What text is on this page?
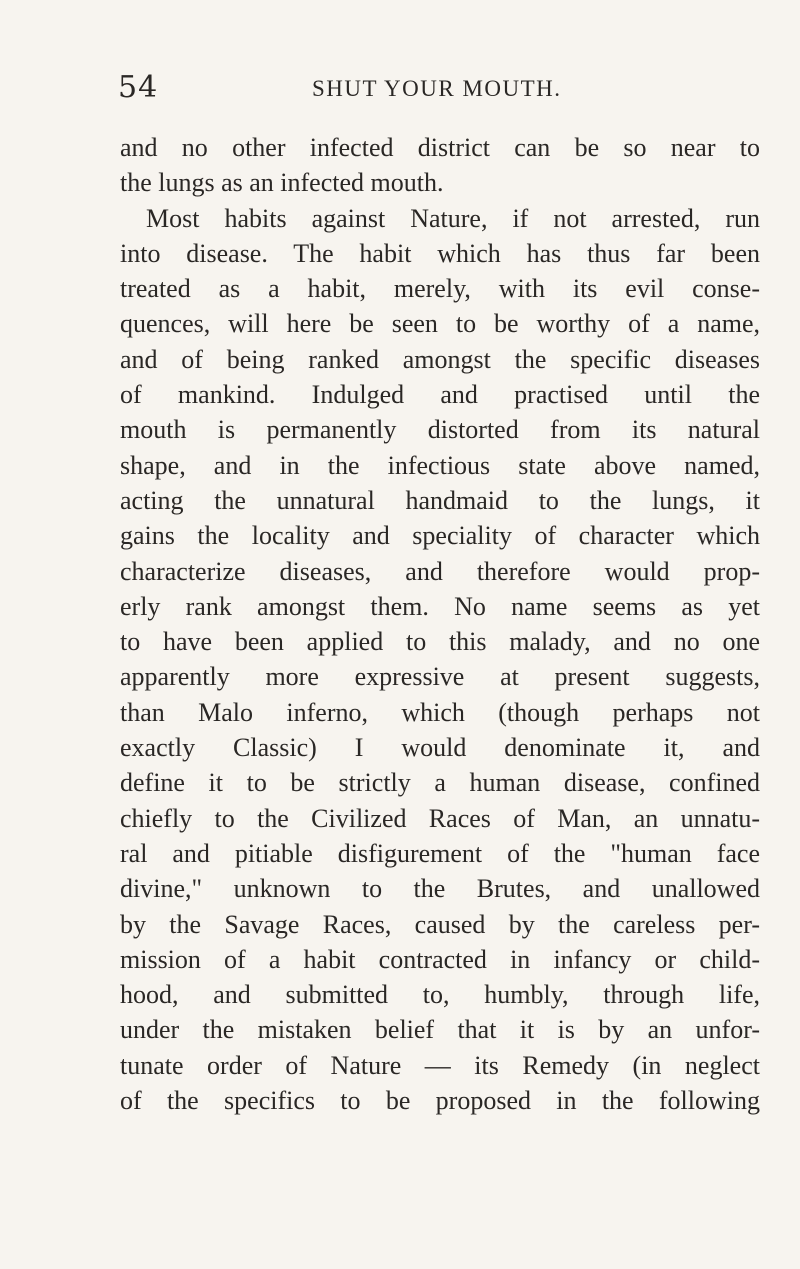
54	SHUT YOUR MOUTH.
and no other infected district can be so near to
the lungs as an infected mouth.
Most habits against Nature, if not arrested, run
into disease. The habit which has thus far been
treated as a habit, merely, with its evil conse-
quences, will here be seen to be worthy of a name,
and of being ranked amongst the specific diseases
of mankind. Indulged and practised until the
mouth is permanently distorted from its natural
shape, and in the infectious state above named,
acting the unnatural handmaid to the lungs, it
gains the locality and speciality of character which
characterize diseases, and therefore would prop-
erly rank amongst them. No name seems as yet
to have been applied to this malady, and no one
apparently more expressive at present suggests,
than Malo inferno, which (though perhaps not
exactly Classic) I would denominate it, and
define it to be strictly a human disease, confined
chiefly to the Civilized Races of Man, an unnatu-
ral and pitiable disfigurement of the "human face
divine," unknown to the Brutes, and unallowed
by the Savage Races, caused by the careless per-
mission of a habit contracted in infancy or child-
hood, and submitted to, humbly, through life,
under the mistaken belief that it is by an unfor-
tunate order of Nature — its Remedy (in neglect
of the specifics to be proposed in the following
